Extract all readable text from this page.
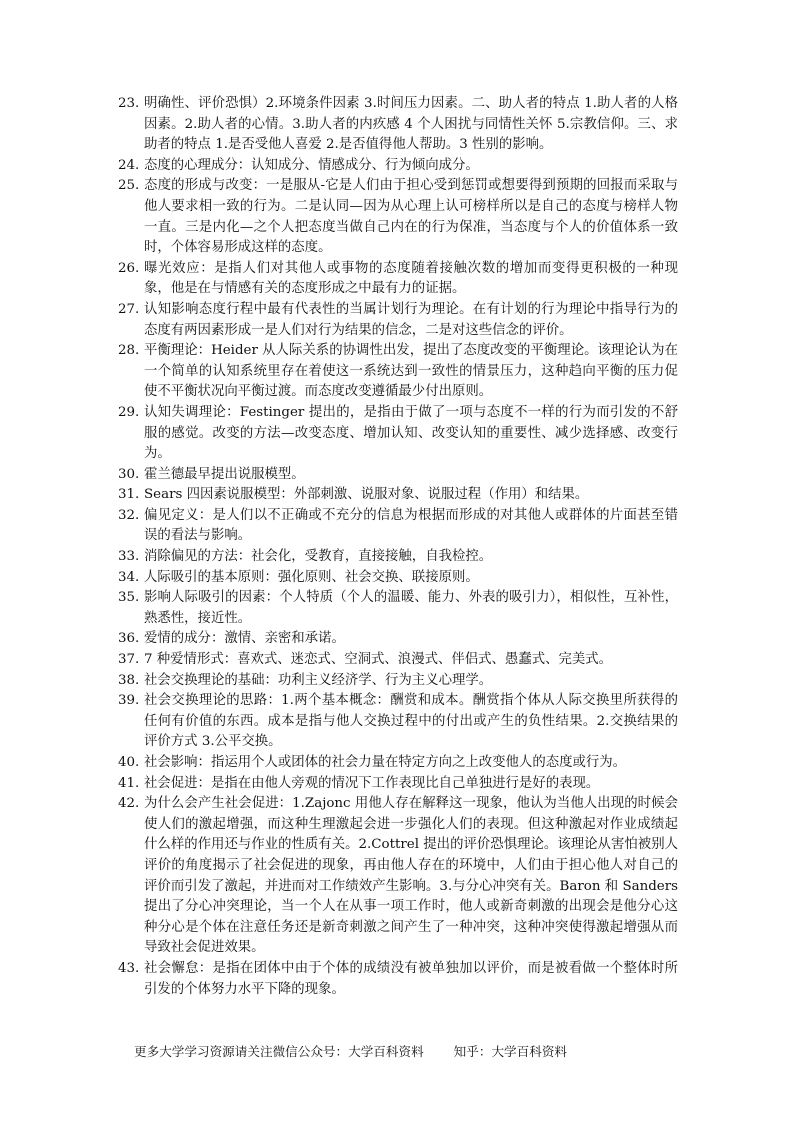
23. 明确性、评价恐惧）2.环境条件因素 3.时间压力因素。二、助人者的特点 1.助人者的人格因素。2.助人者的心情。3.助人者的内疚感 4 个人困扰与同情性关怀 5.宗教信仰。三、求助者的特点 1.是否受他人喜爱 2.是否值得他人帮助。3 性别的影响。
24. 态度的心理成分：认知成分、情感成分、行为倾向成分。
25. 态度的形成与改变：一是服从-它是人们由于担心受到惩罚或想要得到预期的回报而采取与他人要求相一致的行为。二是认同—因为从心理上认可榜样所以是自己的态度与榜样人物一直。三是内化—之个人把态度当做自己内在的行为保准，当态度与个人的价值体系一致时，个体容易形成这样的态度。
26. 曝光效应：是指人们对其他人或事物的态度随着接触次数的增加而变得更积极的一种现象，他是在与情感有关的态度形成之中最有力的证据。
27. 认知影响态度行程中最有代表性的当属计划行为理论。在有计划的行为理论中指导行为的态度有两因素形成一是人们对行为结果的信念，二是对这些信念的评价。
28. 平衡理论：Heider 从人际关系的协调性出发，提出了态度改变的平衡理论。该理论认为在一个简单的认知系统里存在着使这一系统达到一致性的情景压力，这种趋向平衡的压力促使不平衡状况向平衡过渡。而态度改变遵循最少付出原则。
29. 认知失调理论：Festinger 提出的，是指由于做了一项与态度不一样的行为而引发的不舒服的感觉。改变的方法—改变态度、增加认知、改变认知的重要性、减少选择感、改变行为。
30. 霍兰德最早提出说服模型。
31. Sears 四因素说服模型：外部刺激、说服对象、说服过程（作用）和结果。
32. 偏见定义：是人们以不正确或不充分的信息为根据而形成的对其他人或群体的片面甚至错误的看法与影响。
33. 消除偏见的方法：社会化，受教育，直接接触，自我检控。
34. 人际吸引的基本原则：强化原则、社会交换、联接原则。
35. 影响人际吸引的因素：个人特质（个人的温暖、能力、外表的吸引力），相似性，互补性，熟悉性，接近性。
36. 爱情的成分：激情、亲密和承诺。
37. 7 种爱情形式：喜欢式、迷恋式、空洞式、浪漫式、伴侣式、愚蠢式、完美式。
38. 社会交换理论的基础：功利主义经济学、行为主义心理学。
39. 社会交换理论的思路：1.两个基本概念：酬赏和成本。酬赏指个体从人际交换里所获得的任何有价值的东西。成本是指与他人交换过程中的付出或产生的负性结果。2.交换结果的评价方式 3.公平交换。
40. 社会影响：指运用个人或团体的社会力量在特定方向之上改变他人的态度或行为。
41. 社会促进：是指在由他人旁观的情况下工作表现比自己单独进行是好的表现。
42. 为什么会产生社会促进：1.Zajonc 用他人存在解释这一现象，他认为当他人出现的时候会使人们的激起增强，而这种生理激起会进一步强化人们的表现。但这种激起对作业成绩起什么样的作用还与作业的性质有关。2.Cottrel 提出的评价恐惧理论。该理论从害怕被别人评价的角度揭示了社会促进的现象，再由他人存在的环境中，人们由于担心他人对自己的评价而引发了激起，并进而对工作绩效产生影响。3.与分心冲突有关。Baron 和 Sanders 提出了分心冲突理论，当一个人在从事一项工作时，他人或新奇刺激的出现会是他分心这种分心是个体在注意任务还是新奇刺激之间产生了一种冲突，这种冲突使得激起增强从而导致社会促进效果。
43. 社会懈怠：是指在团体中由于个体的成绩没有被单独加以评价，而是被看做一个整体时所引发的个体努力水平下降的现象。
更多大学学习资源请关注微信公众号：大学百科资料 知乎：大学百科资料
